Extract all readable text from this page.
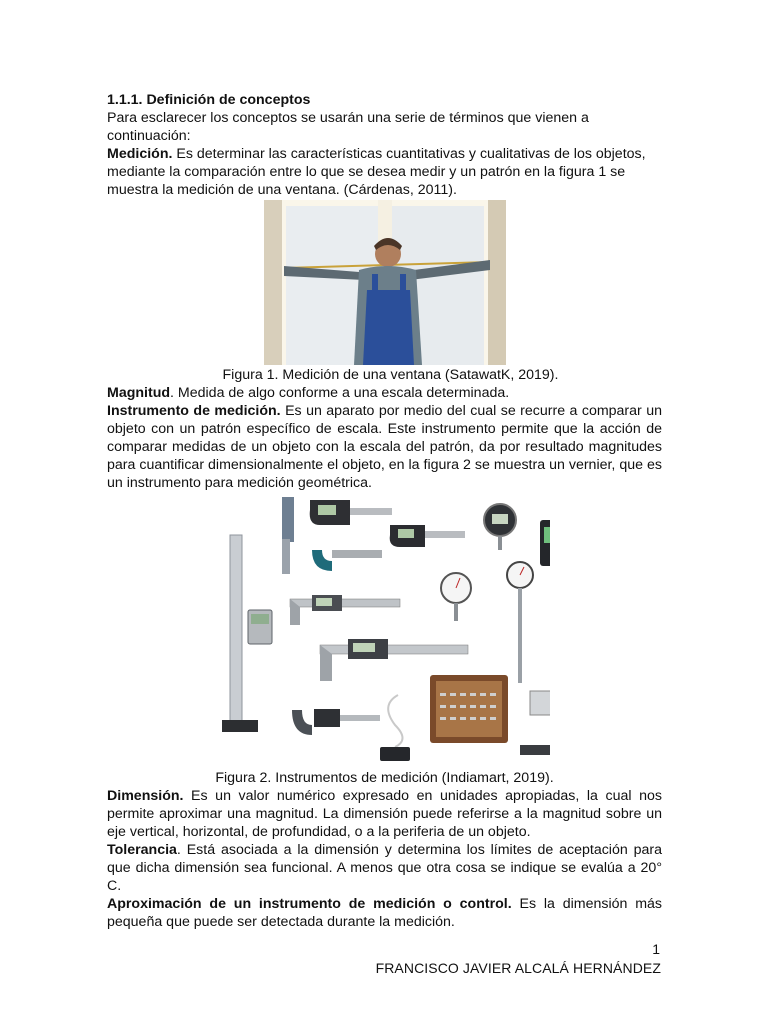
1.1.1. Definición de conceptos

Para esclarecer los conceptos se usarán una serie de términos que vienen a continuación:

Medición. Es determinar las características cuantitativas y cualitativas de los objetos, mediante la comparación entre lo que se desea medir y un patrón en la figura 1 se muestra la medición de una ventana. (Cárdenas, 2011).

Figura 1. Medición de una ventana (SatawatK, 2019).

Magnitud. Medida de algo conforme a una escala determinada.

Instrumento de medición. Es un aparato por medio del cual se recurre a comparar un objeto con un patrón específico de escala. Este instrumento permite que la acción de comparar medidas de un objeto con la escala del patrón, da por resultado magnitudes para cuantificar dimensionalmente el objeto, en la figura 2 se muestra un vernier, que es un instrumento para medición geométrica.

Figura 2. Instrumentos de medición (Indiamart, 2019).

Dimensión. Es un valor numérico expresado en unidades apropiadas, la cual nos permite aproximar una magnitud. La dimensión puede referirse a la magnitud sobre un eje vertical, horizontal, de profundidad, o a la periferia de un objeto.

Tolerancia. Está asociada a la dimensión y determina los límites de aceptación para que dicha dimensión sea funcional. A menos que otra cosa se indique se evalúa a 20° C.

Aproximación de un instrumento de medición o control. Es la dimensión más pequeña que puede ser detectada durante la medición.

1
FRANCISCO JAVIER ALCALÁ HERNÁNDEZ
